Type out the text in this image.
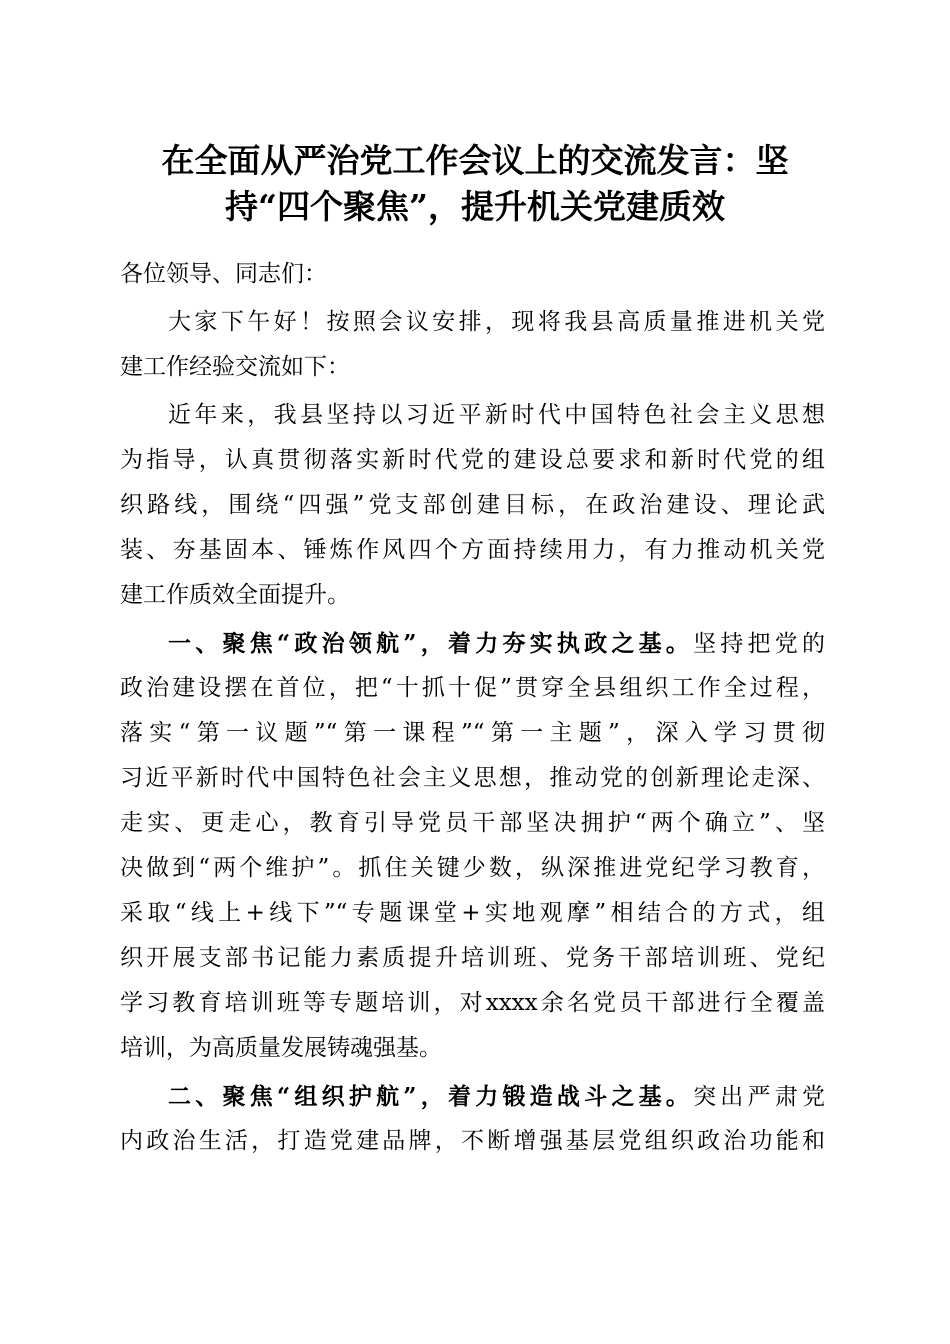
在全面从严治党工作会议上的交流发言：坚
持“四个聚焦”，提升机关党建质效
各位领导、同志们：
大家下午好！按照会议安排，现将我县高质量推进机关党
建工作经验交流如下：
近年来，我县坚持以习近平新时代中国特色社会主义思想
为指导，认真贯彻落实新时代党的建设总要求和新时代党的组
织路线，围绕“四强”党支部创建目标，在政治建设、理论武
装、夯基固本、锤炼作风四个方面持续用力，有力推动机关党
建工作质效全面提升。
一、聚焦“政治领航”，着力夯实执政之基。坚持把党的
政治建设摆在首位，把“十抓十促”贯穿全县组织工作全过程，
落实“第一议题”“第一课程”“第一主题”，深入学习贯彻
习近平新时代中国特色社会主义思想，推动党的创新理论走深、
走实、更走心，教育引导党员干部坚决拥护“两个确立”、坚
决做到“两个维护”。抓住关键少数，纵深推进党纪学习教育，
采取“线上+线下”“专题课堂+实地观摩”相结合的方式，组
织开展支部书记能力素质提升培训班、党务干部培训班、党纪
学习教育培训班等专题培训，对xxxx余名党员干部进行全覆盖
培训，为高质量发展铸魂强基。
二、聚焦“组织护航”，着力锻造战斗之基。突出严肃党
内政治生活，打造党建品牌，不断增强基层党组织政治功能和
